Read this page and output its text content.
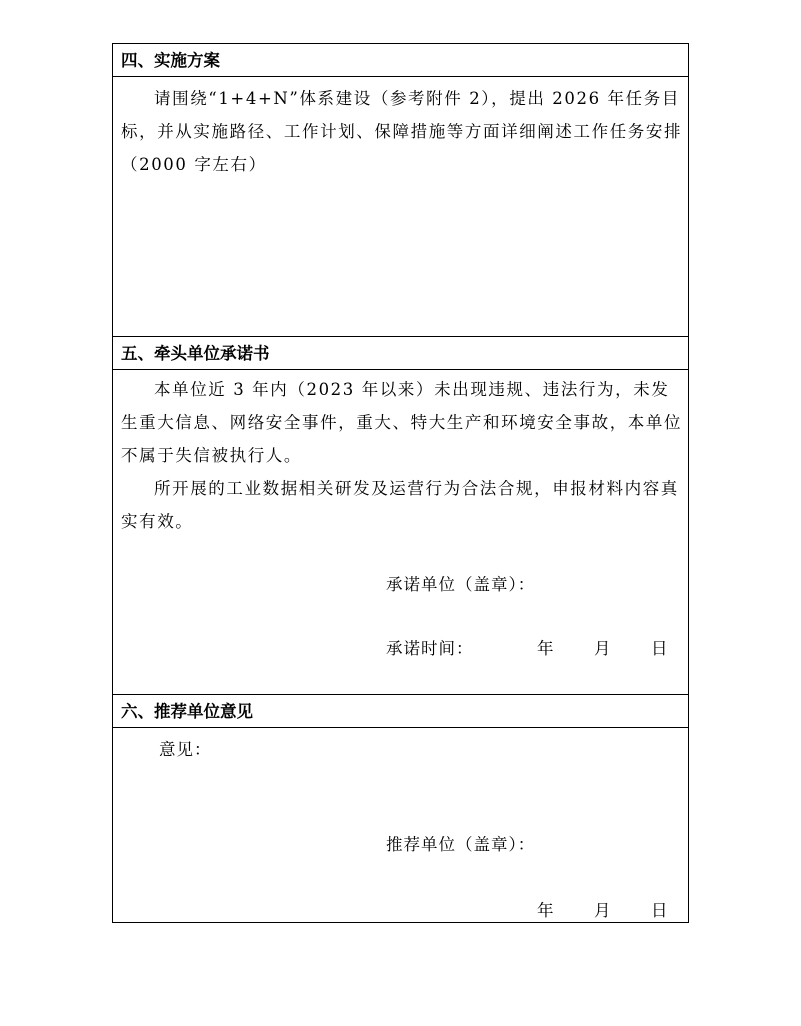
四、实施方案

请围绕“1+4+N”体系建设（参考附件 2），提出 2026 年任务目标，并从实施路径、工作计划、保障措施等方面详细阐述工作任务安排（2000 字左右）

五、牵头单位承诺书

本单位近 3 年内（2023 年以来）未出现违规、违法行为，未发生重大信息、网络安全事件，重大、特大生产和环境安全事故，本单位不属于失信被执行人。

所开展的工业数据相关研发及运营行为合法合规，申报材料内容真实有效。

承诺单位（盖章）：
承诺时间：	年 月 日
六、推荐单位意见
意见：
推荐单位（盖章）：
年 月 日
